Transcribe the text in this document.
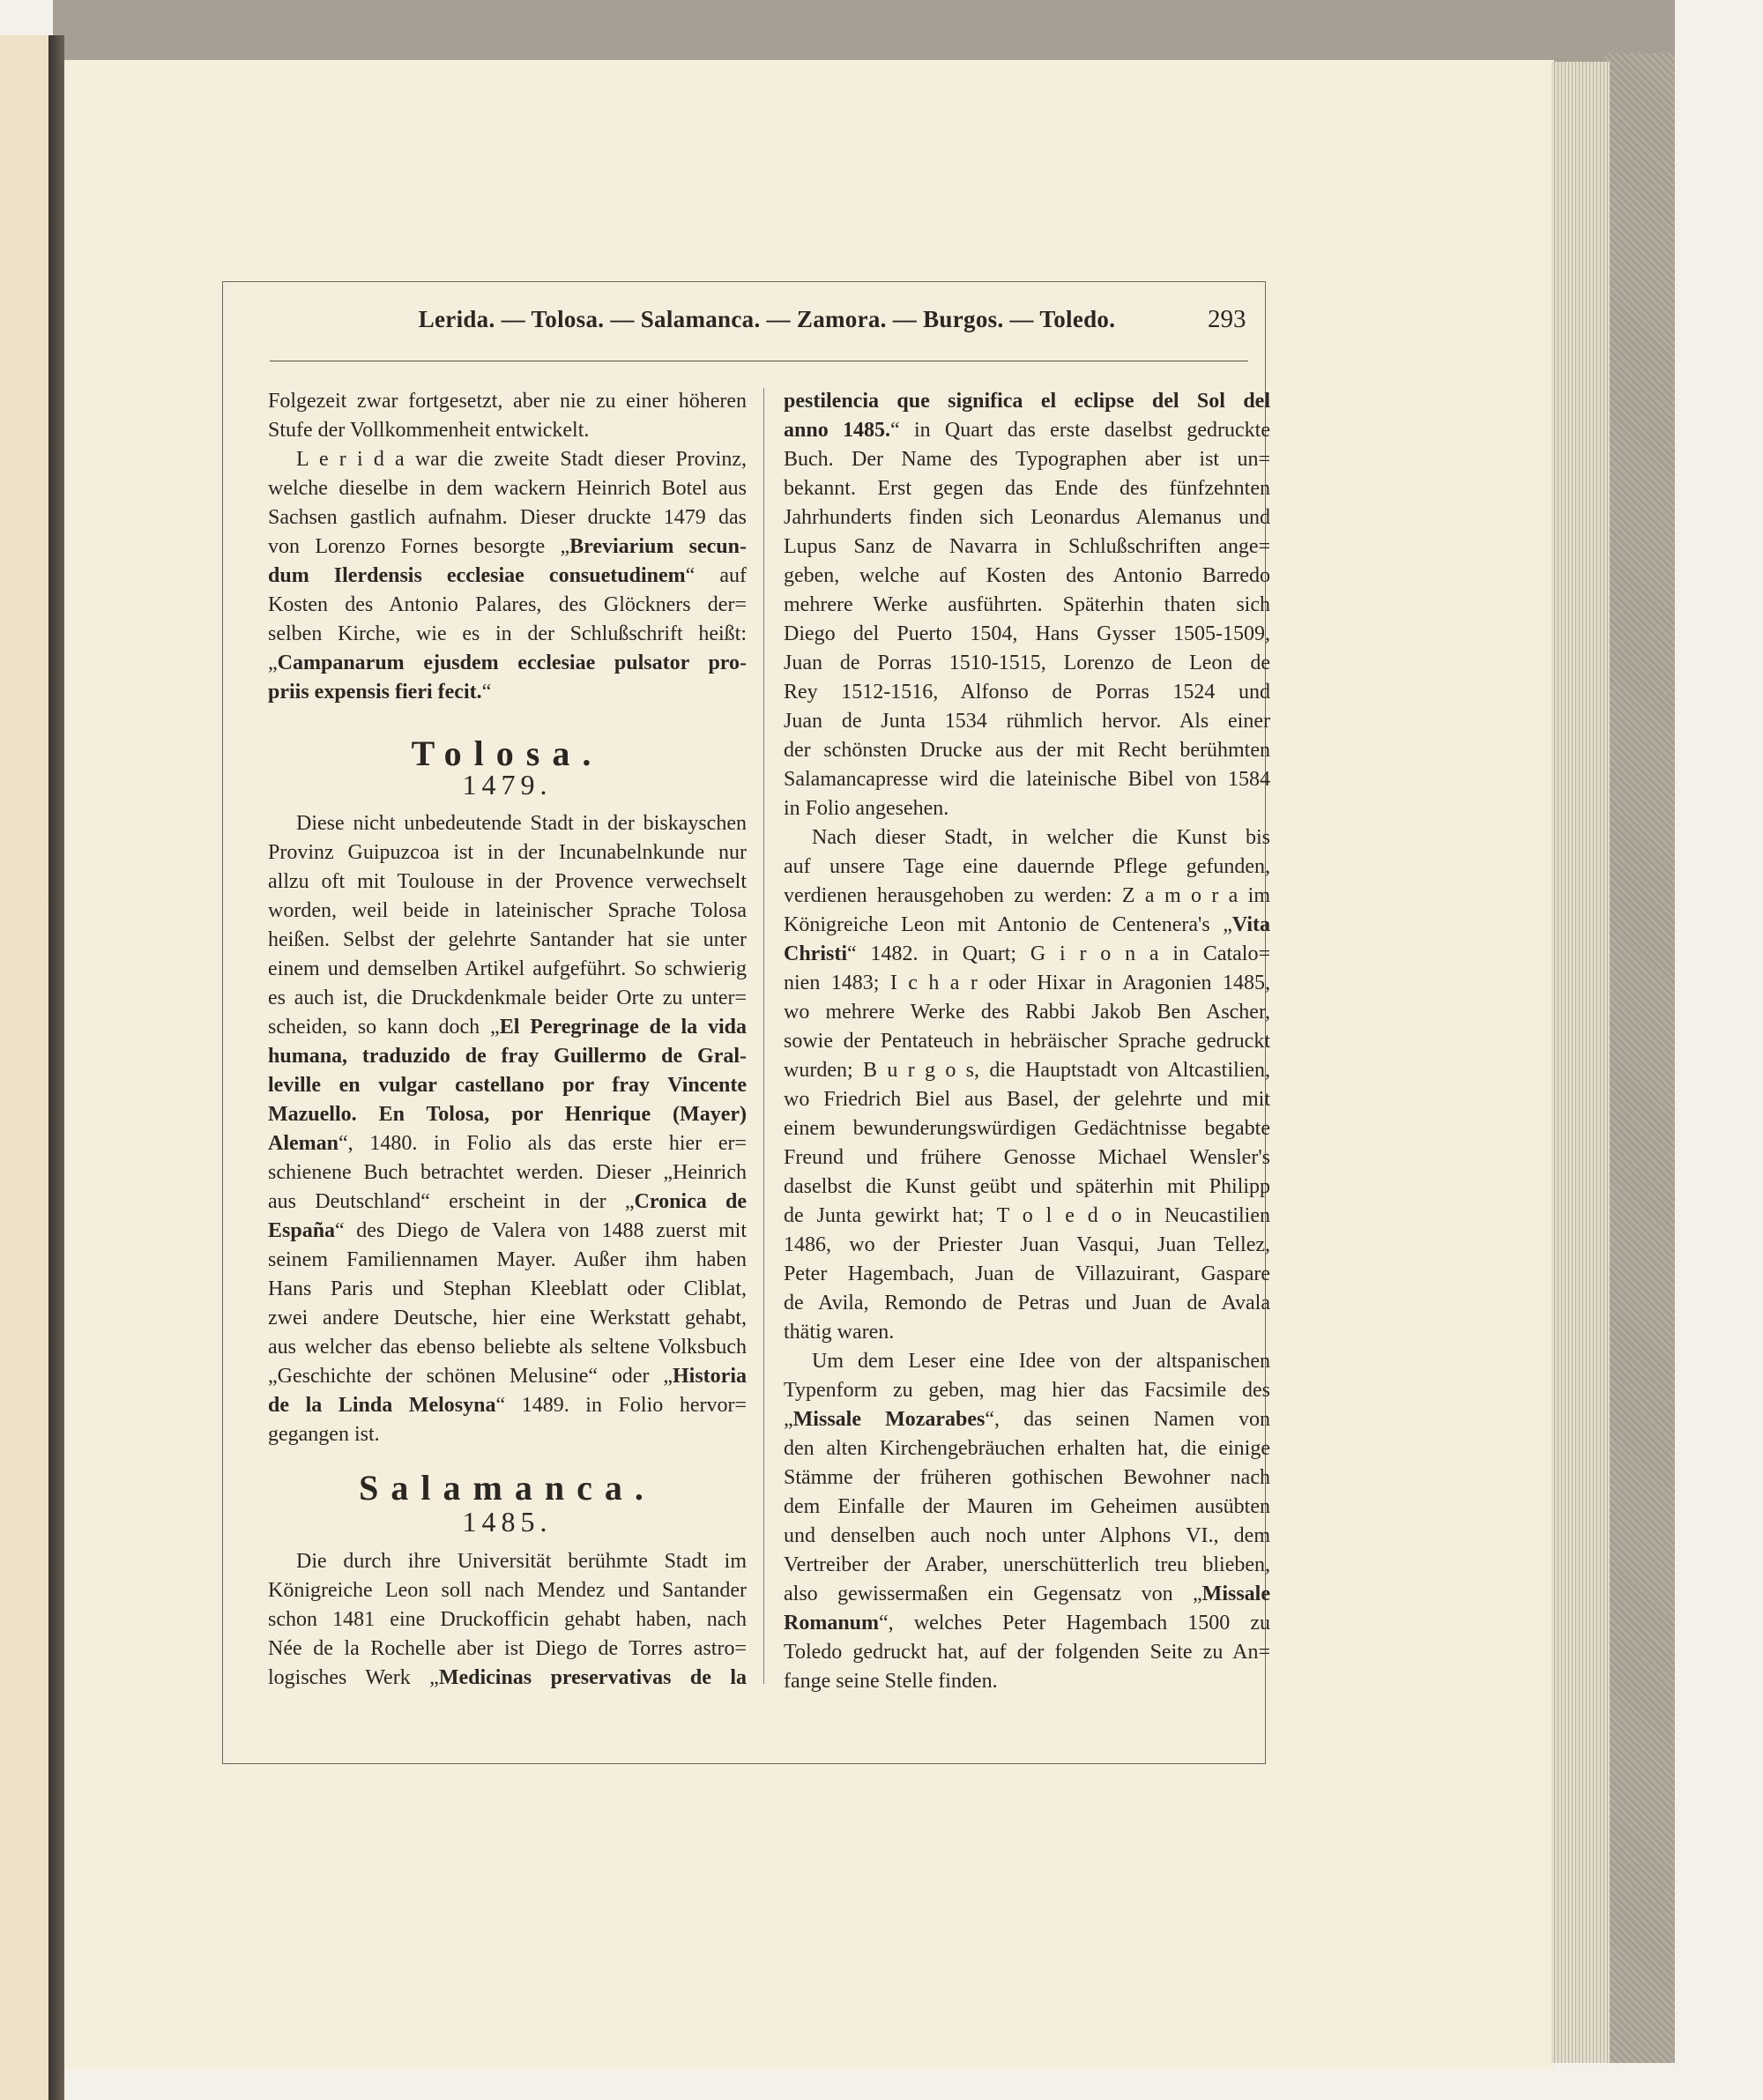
Lerida. — Tolosa. — Salamanca. — Zamora. — Burgos. — Toledo.	293
Folgezeit zwar fortgesetzt, aber nie zu einer höheren
Stufe der Vollkommenheit entwickelt.
L e r i d a war die zweite Stadt dieser Provinz,
welche dieselbe in dem wackern Heinrich Botel aus
Sachsen gastlich aufnahm. Dieser druckte 1479 das
von Lorenzo Fornes besorgte „Breviarium secun-
dum Ilerdensis ecclesiae consuetudinem“ auf
Kosten des Antonio Palares, des Glöckners der=
selben Kirche, wie es in der Schlußschrift heißt:
„Campanarum ejusdem ecclesiae pulsator pro-
priis expensis fieri fecit.“
Tolosa.
1479.
Diese nicht unbedeutende Stadt in der biskayschen
Provinz Guipuzcoa ist in der Incunabelnkunde nur
allzu oft mit Toulouse in der Provence verwechselt
worden, weil beide in lateinischer Sprache Tolosa
heißen. Selbst der gelehrte Santander hat sie unter
einem und demselben Artikel aufgeführt. So schwierig
es auch ist, die Druckdenkmale beider Orte zu unter=
scheiden, so kann doch „El Peregrinage de la vida
humana, traduzido de fray Guillermo de Gral-
leville en vulgar castellano por fray Vincente
Mazuello. En Tolosa, por Henrique (Mayer)
Aleman“, 1480. in Folio als das erste hier er=
schienene Buch betrachtet werden. Dieser „Heinrich
aus Deutschland“ erscheint in der „Cronica de
España“ des Diego de Valera von 1488 zuerst mit
seinem Familiennamen Mayer. Außer ihm haben
Hans Paris und Stephan Kleeblatt oder Cliblat,
zwei andere Deutsche, hier eine Werkstatt gehabt,
aus welcher das ebenso beliebte als seltene Volksbuch
„Geschichte der schönen Melusine“ oder „Historia
de la Linda Melosyna“ 1489. in Folio hervor=
gegangen ist.
Salamanca.
1485.
Die durch ihre Universität berühmte Stadt im
Königreiche Leon soll nach Mendez und Santander
schon 1481 eine Druckofficin gehabt haben, nach
Née de la Rochelle aber ist Diego de Torres astro=
logisches Werk „Medicinas preservativas de la
pestilencia que significa el eclipse del Sol del
anno 1485.“ in Quart das erste daselbst gedruckte
Buch. Der Name des Typographen aber ist un=
bekannt. Erst gegen das Ende des fünfzehnten
Jahrhunderts finden sich Leonardus Alemanus und
Lupus Sanz de Navarra in Schlußschriften ange=
geben, welche auf Kosten des Antonio Barredo
mehrere Werke ausführten. Späterhin thaten sich
Diego del Puerto 1504, Hans Gysser 1505-1509,
Juan de Porras 1510-1515, Lorenzo de Leon de
Rey 1512-1516, Alfonso de Porras 1524 und
Juan de Junta 1534 rühmlich hervor. Als einer
der schönsten Drucke aus der mit Recht berühmten
Salamancapresse wird die lateinische Bibel von 1584
in Folio angesehen.
Nach dieser Stadt, in welcher die Kunst bis
auf unsere Tage eine dauernde Pflege gefunden,
verdienen herausgehoben zu werden: Z a m o r a im
Königreiche Leon mit Antonio de Centenera's „Vita
Christi“ 1482. in Quart; G i r o n a in Catalo=
nien 1483; I c h a r oder Hixar in Aragonien 1485,
wo mehrere Werke des Rabbi Jakob Ben Ascher,
sowie der Pentateuch in hebräischer Sprache gedruckt
wurden; B u r g o s, die Hauptstadt von Altcastilien,
wo Friedrich Biel aus Basel, der gelehrte und mit
einem bewunderungswürdigen Gedächtnisse begabte
Freund und frühere Genosse Michael Wensler's
daselbst die Kunst geübt und späterhin mit Philipp
de Junta gewirkt hat; T o l e d o in Neucastilien
1486, wo der Priester Juan Vasqui, Juan Tellez,
Peter Hagembach, Juan de Villazuirant, Gaspare
de Avila, Remondo de Petras und Juan de Avala
thätig waren.
Um dem Leser eine Idee von der altspanischen
Typenform zu geben, mag hier das Facsimile des
„Missale Mozarabes“, das seinen Namen von
den alten Kirchengebräuchen erhalten hat, die einige
Stämme der früheren gothischen Bewohner nach
dem Einfalle der Mauren im Geheimen ausübten
und denselben auch noch unter Alphons VI., dem
Vertreiber der Araber, unerschütterlich treu blieben,
also gewissermaßen ein Gegensatz von „Missale
Romanum“, welches Peter Hagembach 1500 zu
Toledo gedruckt hat, auf der folgenden Seite zu An=
fange seine Stelle finden.
